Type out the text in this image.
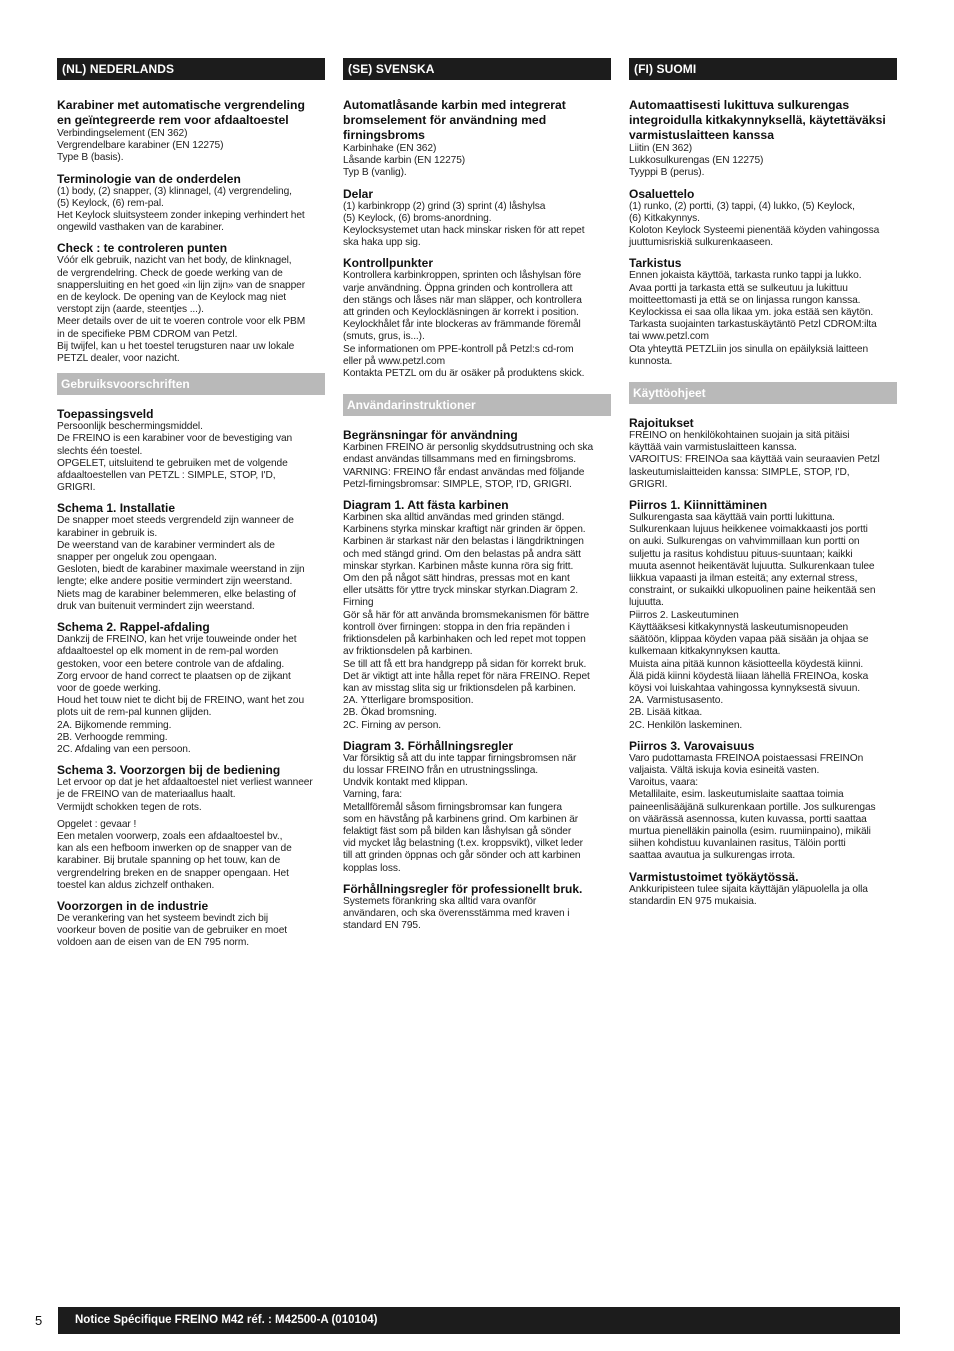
(NL) NEDERLANDS
Karabiner met automatische vergrendeling
en geïntegreerde rem voor afdaaltoestel

Verbindingselement (EN 362)
Vergrendelbare karabiner (EN 12275)
Type B (basis).

Terminologie van de onderdelen

(1) body, (2) snapper, (3) klinnagel, (4) vergrendeling,
(5) Keylock, (6) rem-pal.
Het Keylock sluitsysteem zonder inkeping verhindert het
ongewild vasthaken van de karabiner.

Check : te controleren punten

Vóór elk gebruik, nazicht van het body, de klinknagel,
de vergrendelring. Check de goede werking van de
snappersluiting en het goed «in lijn zijn» van de snapper
en de keylock. De opening van de Keylock mag niet
verstopt zijn (aarde, steentjes ...).
Meer details over de uit te voeren controle voor elk PBM
in de specifieke PBM CDROM van Petzl.
Bij twijfel, kan u het toestel terugsturen naar uw lokale
PETZL dealer, voor nazicht.

Gebruiksvoorschriften
Toepassingsveld

Persoonlijk beschermingsmiddel.
De FREINO is een karabiner voor de bevestiging van
slechts één toestel.
OPGELET, uitsluitend te gebruiken met de volgende
afdaaltoestellen van PETZL : SIMPLE, STOP, I'D,
GRIGRI.

Schema 1. Installatie

De snapper moet steeds vergrendeld zijn wanneer de
karabiner in gebruik is.
De weerstand van de karabiner vermindert als de
snapper per ongeluk zou opengaan.
Gesloten, biedt de karabiner maximale weerstand in zijn
lengte; elke andere positie vermindert zijn weerstand.
Niets mag de karabiner belemmeren, elke belasting of
druk van buitenuit vermindert zijn weerstand.

Schema 2. Rappel-afdaling

Dankzij de FREINO, kan het vrije touweinde onder het
afdaaltoestel op elk moment in de rem-pal worden
gestoken, voor een betere controle van de afdaling.
Zorg ervoor de hand correct te plaatsen op de zijkant
voor de goede werking.
Houd het touw niet te dicht bij de FREINO, want het zou
plots uit de rem-pal kunnen glijden.
2A. Bijkomende remming.
2B. Verhoogde remming.
2C. Afdaling van een persoon.

Schema 3. Voorzorgen bij de bediening

Let ervoor op dat je het afdaaltoestel niet verliest wanneer
je de FREINO van de materiaallus haalt.
Vermijdt schokken tegen de rots.

Opgelet : gevaar !
Een metalen voorwerp, zoals een afdaaltoestel bv.,
kan als een hefboom inwerken op de snapper van de
karabiner. Bij brutale spanning op het touw, kan de
vergrendelring breken en de snapper opengaan. Het
toestel kan aldus zichzelf onthaken.

Voorzorgen in de industrie

De verankering van het systeem bevindt zich bij
voorkeur boven de positie van de gebruiker en moet
voldoen aan de eisen van de EN 795 norm.

(SE) SVENSKA
Automatlåsande karbin med integrerat
bromselement för användning med
firningsbroms

Karbinhake (EN 362)
Låsande karbin (EN 12275)
Typ B (vanlig).

Delar

(1) karbinkropp (2) grind (3) sprint (4) låshylsa
(5) Keylock, (6) broms-anordning.
Keylocksystemet utan hack minskar risken för att repet
ska haka upp sig.

Kontrollpunkter

Kontrollera karbinkroppen, sprinten och låshylsan före
varje användning. Öppna grinden och kontrollera att
den stängs och låses när man släpper, och kontrollera
att grinden och Keylockläsningen är korrekt i position.
Keylockhålet får inte blockeras av främmande föremål
(smuts, grus, is...).
Se informationen om PPE-kontroll på Petzl:s cd-rom
eller på www.petzl.com
Kontakta PETZL om du är osäker på produktens skick.

Användarinstruktioner
Begränsningar för användning

Karbinen FREINO är personlig skyddsutrustning och ska
endast användas tillsammans med en firningsbroms.
VARNING: FREINO får endast användas med följande
Petzl-firningsbromsar: SIMPLE, STOP, I'D, GRIGRI.

Diagram 1. Att fästa karbinen

Karbinen ska alltid användas med grinden stängd.
Karbinens styrka minskar kraftigt när grinden är öppen.
Karbinen är starkast när den belastas i längdriktningen
och med stängd grind. Om den belastas på andra sätt
minskar styrkan. Karbinen måste kunna röra sig fritt.
Om den på något sätt hindras, pressas mot en kant
eller utsätts för yttre tryck minskar styrkan.Diagram 2.
Firning
Gör så här för att använda bromsmekanismen för bättre
kontroll över firningen: stoppa in den fria repänden i
friktionsdelen på karbinhaken och led repet mot toppen
av friktionsdelen på karbinen.
Se till att få ett bra handgrepp på sidan för korrekt bruk.
Det är viktigt att inte hålla repet för nära FREINO. Repet
kan av misstag slita sig ur friktionsdelen på karbinen.
2A. Ytterligare bromsposition.
2B. Ökad bromsning.
2C. Firning av person.

Diagram 3. Förhållningsregler

Var försiktig så att du inte tappar firningsbromsen när
du lossar FREINO från en utrustningsslinga.
Undvik kontakt med klippan.
Varning, fara:
Metallföremål såsom firningsbromsar kan fungera
som en hävstång på karbinens grind. Om karbinen är
felaktigt fäst som på bilden kan låshylsan gå sönder
vid mycket låg belastning (t.ex. kroppsvikt), vilket leder
till att grinden öppnas och går sönder och att karbinen
kopplas loss.

Förhållningsregler för professionellt bruk.

Systemets förankring ska alltid vara ovanför
användaren, och ska överensstämma med kraven i
standard EN 795.

(FI) SUOMI
Automaattisesti lukittuva sulkurengas
integroidulla kitkakynnyksellä, käytettäväksi
varmistuslaitteen kanssa

Liitin (EN 362)
Lukkosulkurengas (EN 12275)
Tyyppi B (perus).

Osaluettelo

(1) runko, (2) portti, (3) tappi, (4) lukko, (5) Keylock,
(6) Kitkakynnys.
Koloton Keylock Systeemi pienentää köyden vahingossa
juuttumisriskiä sulkurenkaaseen.

Tarkistus

Ennen jokaista käyttöä, tarkasta runko tappi ja lukko.
Avaa portti ja tarkasta että se sulkeutuu ja lukittuu
moitteettomasti ja että se on linjassa rungon kanssa.
Keylockissa ei saa olla likaa ym. joka estää sen käytön.
Tarkasta suojainten tarkastuskäytäntö Petzl CDROM:ilta
tai www.petzl.com
Ota yhteyttä PETZLiin jos sinulla on epäilyksiä laitteen
kunnosta.

Käyttöohjeet
Rajoitukset

FREINO on henkilökohtainen suojain ja sitä pitäisi
käyttää vain varmistuslaitteen kanssa.
VAROITUS: FREINOa saa käyttää vain seuraavien Petzl
laskeutumislaitteiden kanssa: SIMPLE, STOP, I'D,
GRIGRI.

Piirros 1. Kiinnittäminen

Sulkurengasta saa käyttää vain portti lukittuna.
Sulkurenkaan lujuus heikkenee voimakkaasti jos portti
on auki. Sulkurengas on vahvimmillaan kun portti on
suljettu ja rasitus kohdistuu pituus-suuntaan; kaikki
muuta asennot heikentävät lujuutta. Sulkurenkaan tulee
liikkua vapaasti ja ilman esteitä; any external stress,
constraint, or sukaikki ulkopuolinen paine heikentää sen
lujuutta.
Piirros 2. Laskeutuminen
Käyttääksesi kitkakynnystä laskeutumisnopeuden
säätöön, klippaa köyden vapaa pää sisään ja ohjaa se
kulkemaan kitkakynnyksen kautta.
Muista aina pitää kunnon käsiotteella köydestä kiinni.
Älä pidä kiinni köydestä liiaan lähellä FREINOa, koska
köysi voi luiskahtaa vahingossa kynnyksestä sivuun.
2A. Varmistusasento.
2B. Lisää kitkaa.
2C. Henkilön laskeminen.

Piirros 3. Varovaisuus

Varo pudottamasta FREINOA poistaessasi FREINOn
valjaista. Vältä iskuja kovia esineitä vasten.
Varoitus, vaara:
Metallilaite, esim. laskeutumislaite saattaa toimia
paineenlisääjänä sulkurenkaan portille. Jos sulkurengas
on väärässä asennossa, kuten kuvassa, portti saattaa
murtua pienelläkin painolla (esim. ruumiinpaino), mikäli
siihen kohdistuu kuvanlainen rasitus, Tälöin portti
saattaa avautua ja sulkurengas irrota.

Varmistustoimet työkäytössä.

Ankkuripisteen tulee sijaita käyttäjän yläpuolella ja olla
standardin EN 975 mukaisia.

5	Notice Spécifique FREINO M42 réf. : M42500-A (010104)
